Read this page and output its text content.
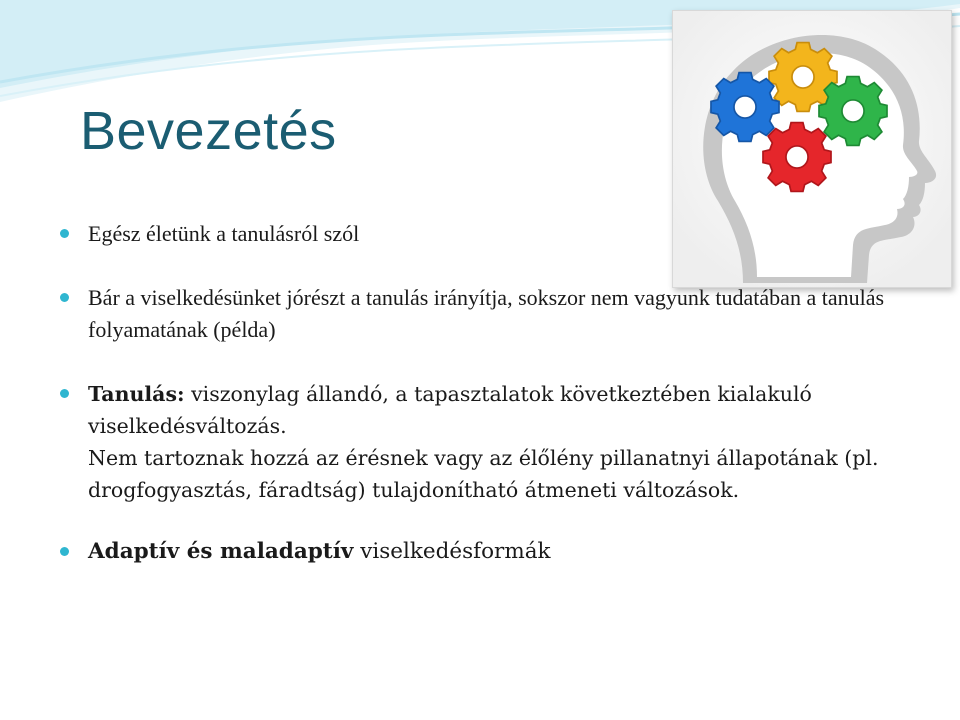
Bevezetés
Egész életünk a tanulásról szól
Bár a viselkedésünket jórészt a tanulás irányítja, sokszor nem vagyunk tudatában a tanulás folyamatának (példa)
Tanulás: viszonylag állandó, a tapasztalatok következtében kialakuló viselkedésváltozás.
Nem tartoznak hozzá az érésnek vagy az élőlény pillanatnyi állapotának (pl. drogfogyasztás, fáradtság) tulajdonítható átmeneti változások.
Adaptív és maladaptív viselkedésformák
